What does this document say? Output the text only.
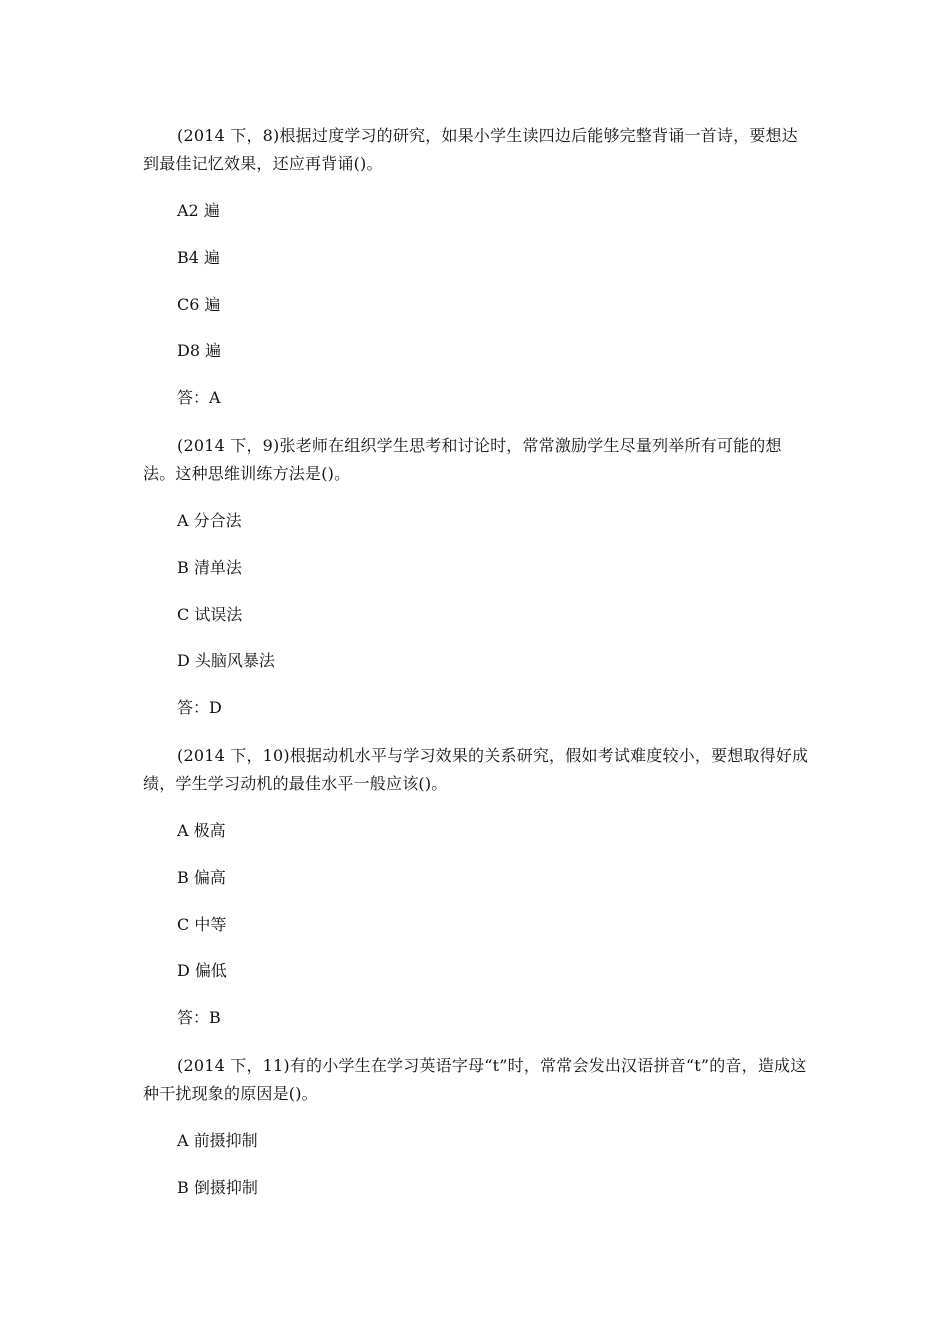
(2014 下，8)根据过度学习的研究，如果小学生读四边后能够完整背诵一首诗，要想达到最佳记忆效果，还应再背诵()。

A2 遍

B4 遍

C6 遍

D8 遍

答：A

(2014 下，9)张老师在组织学生思考和讨论时，常常激励学生尽量列举所有可能的想法。这种思维训练方法是()。

A 分合法

B 清单法

C 试误法

D 头脑风暴法

答：D

(2014 下，10)根据动机水平与学习效果的关系研究，假如考试难度较小，要想取得好成绩，学生学习动机的最佳水平一般应该()。

A 极高

B 偏高

C 中等

D 偏低

答：B

(2014 下，11)有的小学生在学习英语字母“t”时，常常会发出汉语拼音“t”的音，造成这种干扰现象的原因是()。

A 前摄抑制

B 倒摄抑制
